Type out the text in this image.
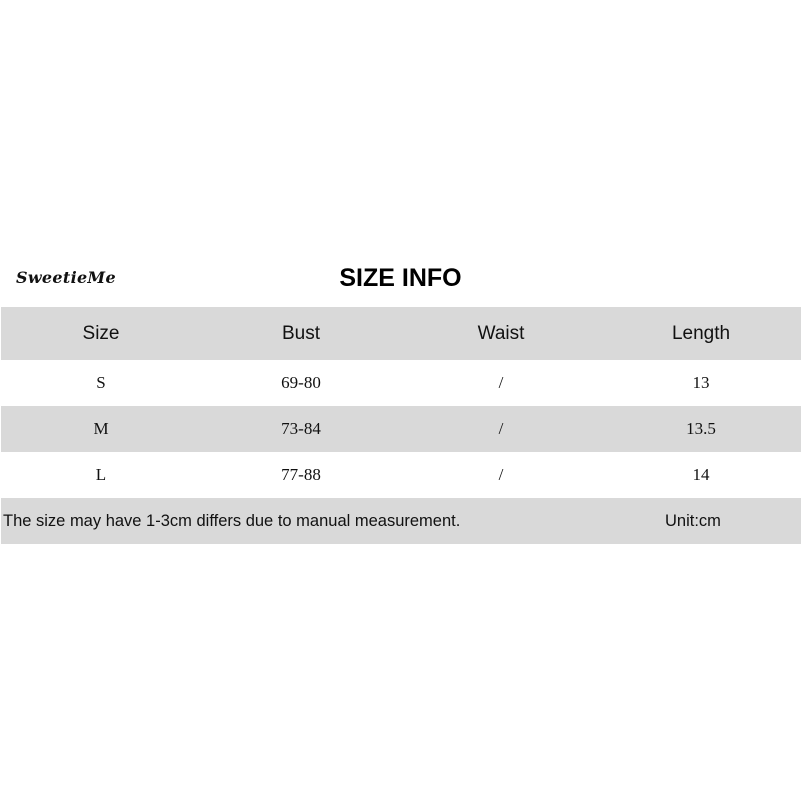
SweetieMe	SIZE INFO
Size	Bust	Waist	Length
S	69-80	/	13
M	73-84	/	13.5
L	77-88	/	14
The size may have 1-3cm differs due to manual measurement.	Unit:cm
